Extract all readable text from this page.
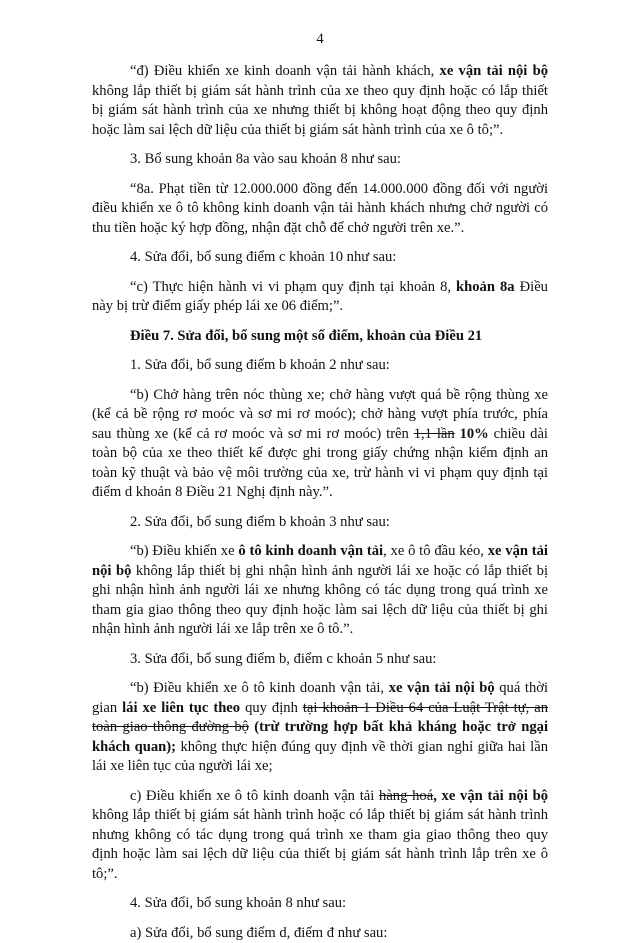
4

“đ) Điều khiển xe kinh doanh vận tải hành khách, xe vận tải nội bộ không lắp thiết bị giám sát hành trình của xe theo quy định hoặc có lắp thiết bị giám sát hành trình của xe nhưng thiết bị không hoạt động theo quy định hoặc làm sai lệch dữ liệu của thiết bị giám sát hành trình của xe ô tô;”.

3. Bổ sung khoản 8a vào sau khoản 8 như sau:

“8a. Phạt tiền từ 12.000.000 đồng đến 14.000.000 đồng đối với người điều khiển xe ô tô không kinh doanh vận tải hành khách nhưng chở người có thu tiền hoặc ký hợp đồng, nhận đặt chỗ để chở người trên xe.”.

4. Sửa đổi, bổ sung điểm c khoản 10 như sau:

“c) Thực hiện hành vi vi phạm quy định tại khoản 8, khoản 8a Điều này bị trừ điểm giấy phép lái xe 06 điểm;”.

Điều 7. Sửa đổi, bổ sung một số điểm, khoản của Điều 21

1. Sửa đổi, bổ sung điểm b khoản 2 như sau:

“b) Chở hàng trên nóc thùng xe; chở hàng vượt quá bề rộng thùng xe (kể cả bề rộng rơ moóc và sơ mi rơ moóc); chở hàng vượt phía trước, phía sau thùng xe (kể cả rơ moóc và sơ mi rơ moóc) trên 1,1 lần 10% chiều dài toàn bộ của xe theo thiết kế được ghi trong giấy chứng nhận kiểm định an toàn kỹ thuật và bảo vệ môi trường của xe, trừ hành vi vi phạm quy định tại điểm d khoản 8 Điều 21 Nghị định này.”.

2. Sửa đổi, bổ sung điểm b khoản 3 như sau:

“b) Điều khiển xe ô tô kinh doanh vận tải, xe ô tô đầu kéo, xe vận tải nội bộ không lắp thiết bị ghi nhận hình ảnh người lái xe hoặc có lắp thiết bị ghi nhận hình ảnh người lái xe nhưng không có tác dụng trong quá trình xe tham gia giao thông theo quy định hoặc làm sai lệch dữ liệu của thiết bị ghi nhận hình ảnh người lái xe lắp trên xe ô tô.”.

3. Sửa đổi, bổ sung điểm b, điểm c khoản 5 như sau:

“b) Điều khiển xe ô tô kinh doanh vận tải, xe vận tải nội bộ quá thời gian lái xe liên tục theo quy định tại khoản 1 Điều 64 của Luật Trật tự, an toàn giao thông đường bộ (trừ trường hợp bất khả kháng hoặc trở ngại khách quan); không thực hiện đúng quy định về thời gian nghỉ giữa hai lần lái xe liên tục của người lái xe;

c) Điều khiển xe ô tô kinh doanh vận tải hàng hoá, xe vận tải nội bộ không lắp thiết bị giám sát hành trình hoặc có lắp thiết bị giám sát hành trình nhưng không có tác dụng trong quá trình xe tham gia giao thông theo quy định hoặc làm sai lệch dữ liệu của thiết bị giám sát hành trình lắp trên xe ô tô;”.

4. Sửa đổi, bổ sung khoản 8 như sau:

a) Sửa đổi, bổ sung điểm d, điểm đ như sau:
